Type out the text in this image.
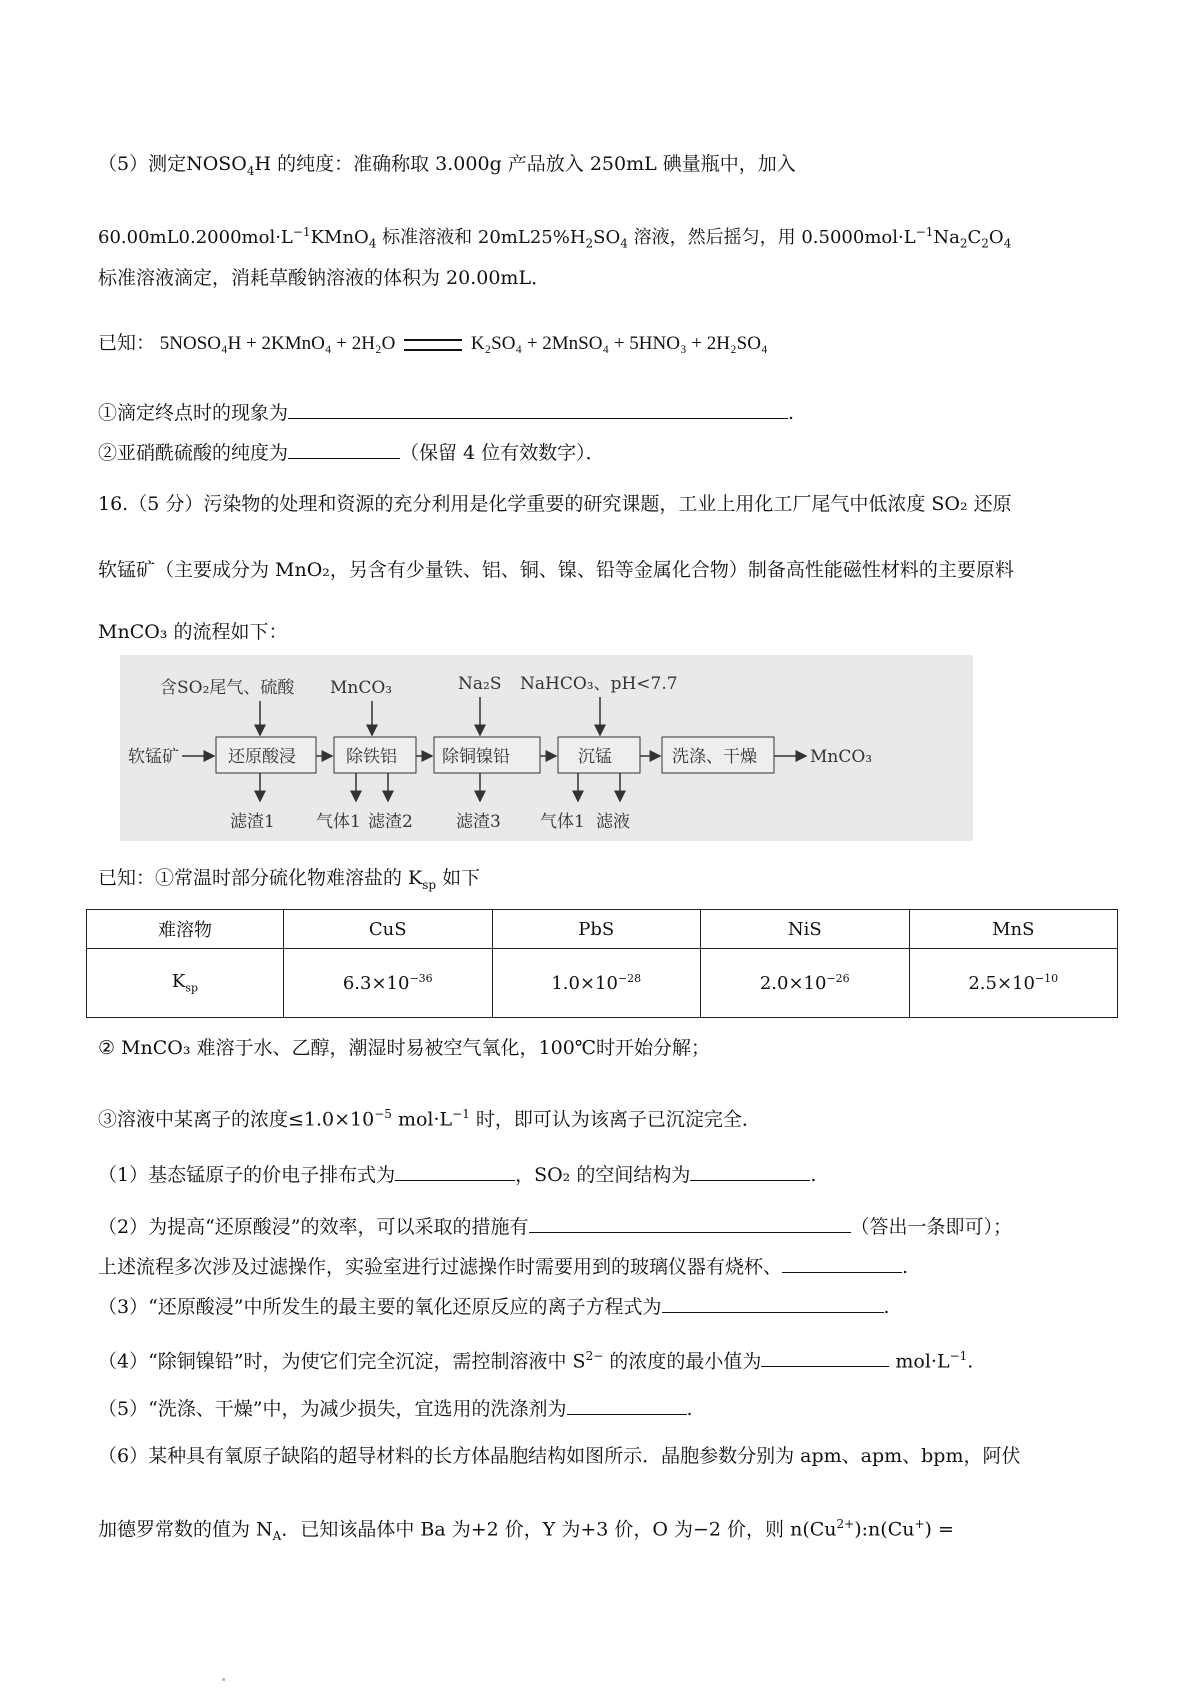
（5）测定$NOSO_4H$ 的纯度：准确称取 3.000g 产品放入 250mL 碘量瓶中，加入
$60.00mL0.2000mol\cdot L^{-1}KMnO_4$ 标准溶液和 $20mL25\%H_2SO_4$ 溶液，然后摇匀，用 $0.5000mol\cdot L^{-1}Na_2C_2O_4$
标准溶液滴定，消耗草酸钠溶液的体积为 20.00mL．
已知： 5NOSO₄H + 2KMnO₄ + 2H₂O	K₂SO₄ + 2MnSO₄ + 5HNO₃ + 2H₂SO₄
①滴定终点时的现象为	.
②亚硝酰硫酸的纯度为	（保留 4 位有效数字）．
16.（5 分）污染物的处理和资源的充分利用是化学重要的研究课题，工业上用化工厂尾气中低浓度 SO₂ 还原
软锰矿（主要成分为 MnO₂，另含有少量铁、铝、铜、镍、铅等金属化合物）制备高性能磁性材料的主要原料
MnCO₃ 的流程如下：
软锰矿	还原酸浸
含SO₂尾气、硫酸
滤渣1
除铁铝
MnCO₃
气体1 滤渣2
除铜镍铅
Na₂S
滤渣3
沉锰
NaHCO₃、pH<7.7
气体1 滤液
洗涤、干燥	MnCO₃
已知：①常温时部分硫化物难溶盐的 $K_{sp}$ 如下
难溶物	CuS	PbS	NiS	MnS
$K_{sp}$	$6.3\times 10^{-36}$	$1.0\times 10^{-28}$	$2.0\times 10^{-26}$	$2.5\times 10^{-10}$
② MnCO₃ 难溶于水、乙醇，潮湿时易被空气氧化，100℃时开始分解；
③溶液中某离子的浓度$\le 1.0\times 10^{-5}$ $mol\cdot L^{-1}$ 时，即可认为该离子已沉淀完全．
（1）基态锰原子的价电子排布式为	，SO₂ 的空间结构为	.
（2）为提高“还原酸浸”的效率，可以采取的措施有	（答出一条即可）；
上述流程多次涉及过滤操作，实验室进行过滤操作时需要用到的玻璃仪器有烧杯、	.
（3）“还原酸浸”中所发生的最主要的氧化还原反应的离子方程式为	.
（4）“除铜镍铅”时，为使它们完全沉淀，需控制溶液中 $S^{2-}$ 的浓度的最小值为	$mol\cdot L^{-1}$.
（5）“洗涤、干燥”中，为减少损失，宜选用的洗涤剂为	.
（6）某种具有氧原子缺陷的超导材料的长方体晶胞结构如图所示．晶胞参数分别为 apm、apm、bpm，阿伏
加德罗常数的值为 $N_A$．已知该晶体中 Ba 为+2 价，Y 为+3 价，O 为−2 价，则 $n(Cu^{2+}):n(Cu^+)$ =
